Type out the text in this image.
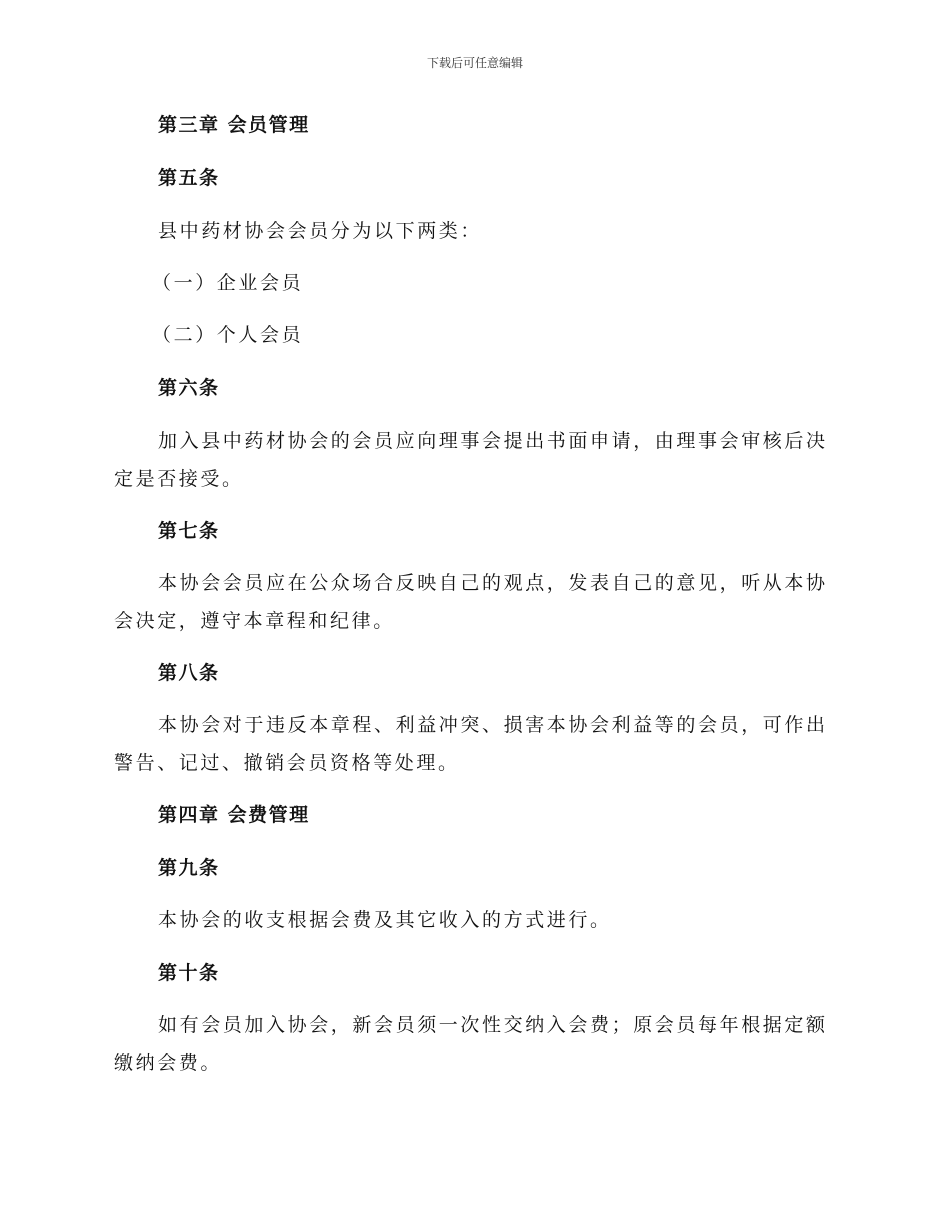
下载后可任意编辑

第三章 会员管理

第五条

县中药材协会会员分为以下两类：

（一）企业会员

（二）个人会员

第六条

加入县中药材协会的会员应向理事会提出书面申请，由理事会审核后决定是否接受。

第七条

本协会会员应在公众场合反映自己的观点，发表自己的意见，听从本协会决定，遵守本章程和纪律。

第八条

本协会对于违反本章程、利益冲突、损害本协会利益等的会员，可作出警告、记过、撤销会员资格等处理。

第四章 会费管理

第九条

本协会的收支根据会费及其它收入的方式进行。

第十条

如有会员加入协会，新会员须一次性交纳入会费；原会员每年根据定额缴纳会费。
